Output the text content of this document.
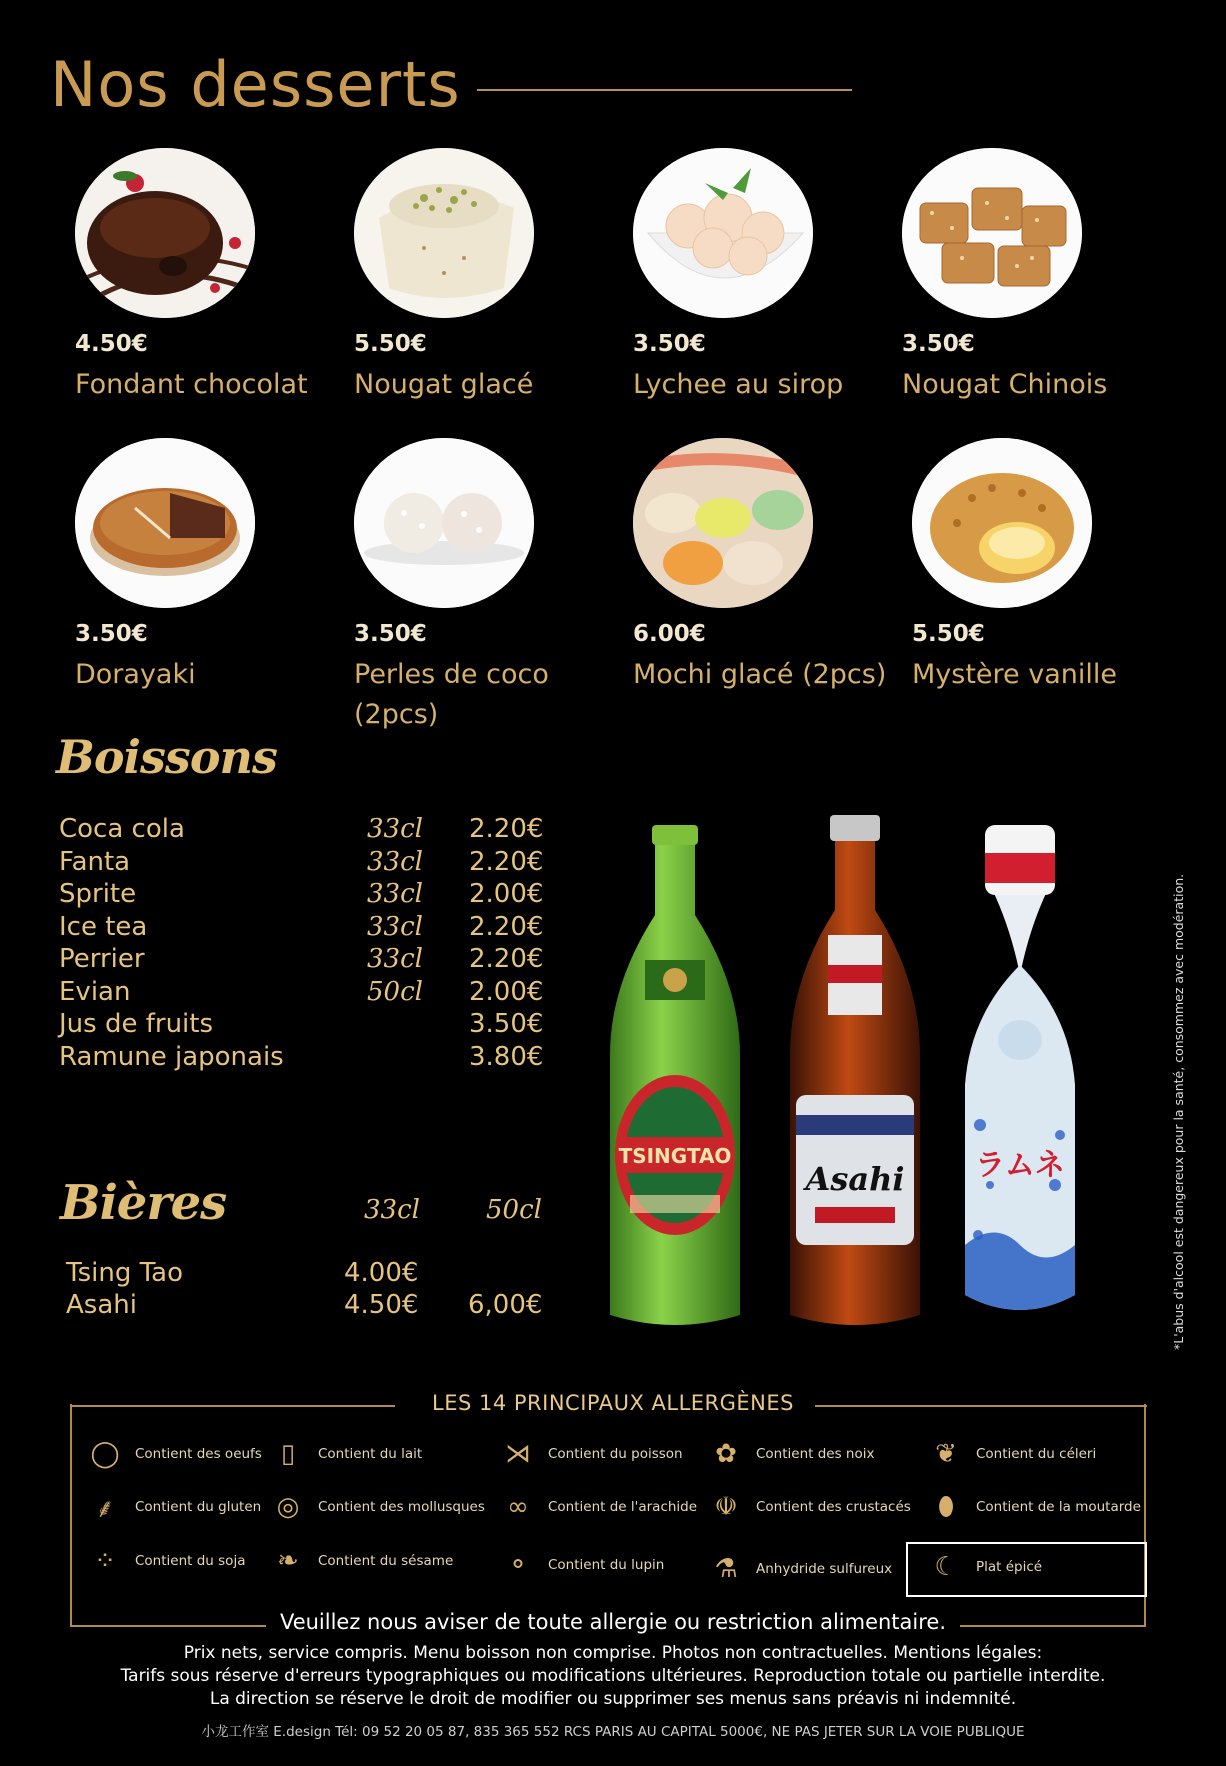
Nos desserts
4.50€
Fondant chocolat
5.50€
Nougat glacé
3.50€
Lychee au sirop
3.50€
Nougat Chinois
3.50€
Dorayaki
3.50€
Perles de coco (2pcs)
6.00€
Mochi glacé (2pcs)
5.50€
Mystère vanille
Boissons
Coca cola	33cl 2.20€
Fanta	33cl 2.20€
Sprite	33cl 2.00€
Ice tea	33cl 2.20€
Perrier	33cl 2.20€
Evian	50cl 2.00€
Jus de fruits	3.50€
Ramune japonais	3.80€
Bières	33cl	50cl
Tsing Tao	4.00€
Asahi	4.50€ 6,00€
TSINGTAO
Asahi ラムネ	*L'abus d'alcool est dangereux pour la santé, consommez avec modération.
LES 14 PRINCIPAUX ALLERGÈNES
◯	Contient des oeufs ▯	Contient du lait	⋊	Contient du poisson	✿	Contient des noix	❦	Contient du céleri
⸙	Contient du gluten ◎	Contient des mollusques ∞	Contient de l'arachide ☫	Contient des crustacés	⬮	Contient de la moutarde
⁘	Contient du soja	❧	Contient du sésame	⚬	Contient du lupin	⚗	Anhydride sulfureux	☾	Plat épicé
Veuillez nous aviser de toute allergie ou restriction alimentaire.
Prix nets, service compris. Menu boisson non comprise. Photos non contractuelles. Mentions légales:
Tarifs sous réserve d'erreurs typographiques ou modifications ultérieures. Reproduction totale ou partielle interdite.
La direction se réserve le droit de modifier ou supprimer ses menus sans préavis ni indemnité.
小龙工作室 E.design Tél: 09 52 20 05 87, 835 365 552 RCS PARIS AU CAPITAL 5000€, NE PAS JETER SUR LA VOIE PUBLIQUE
